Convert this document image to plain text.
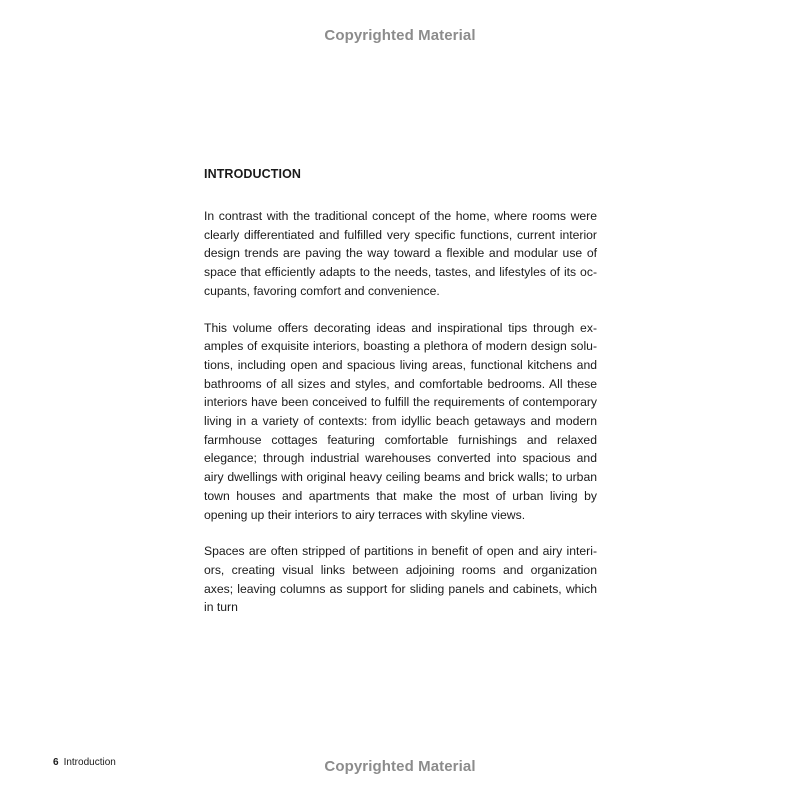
Copyrighted Material
INTRODUCTION

In contrast with the traditional concept of the home, where rooms were clearly differentiated and fulfilled very specific functions, current interior design trends are paving the way toward a flexible and modular use of space that efficiently adapts to the needs, tastes, and lifestyles of its occupants, favoring comfort and convenience.

This volume offers decorating ideas and inspirational tips through examples of exquisite interiors, boasting a plethora of modern design solutions, including open and spacious living areas, functional kitchens and bathrooms of all sizes and styles, and comfortable bedrooms. All these interiors have been conceived to fulfill the requirements of contemporary living in a variety of contexts: from idyllic beach getaways and modern farmhouse cottages featuring comfortable furnishings and relaxed elegance; through industrial warehouses converted into spacious and airy dwellings with original heavy ceiling beams and brick walls; to urban town houses and apartments that make the most of urban living by opening up their interiors to airy terraces with skyline views.

Spaces are often stripped of partitions in benefit of open and airy interiors, creating visual links between adjoining rooms and organization axes; leaving columns as support for sliding panels and cabinets, which in turn

6 Introduction	Copyrighted Material
